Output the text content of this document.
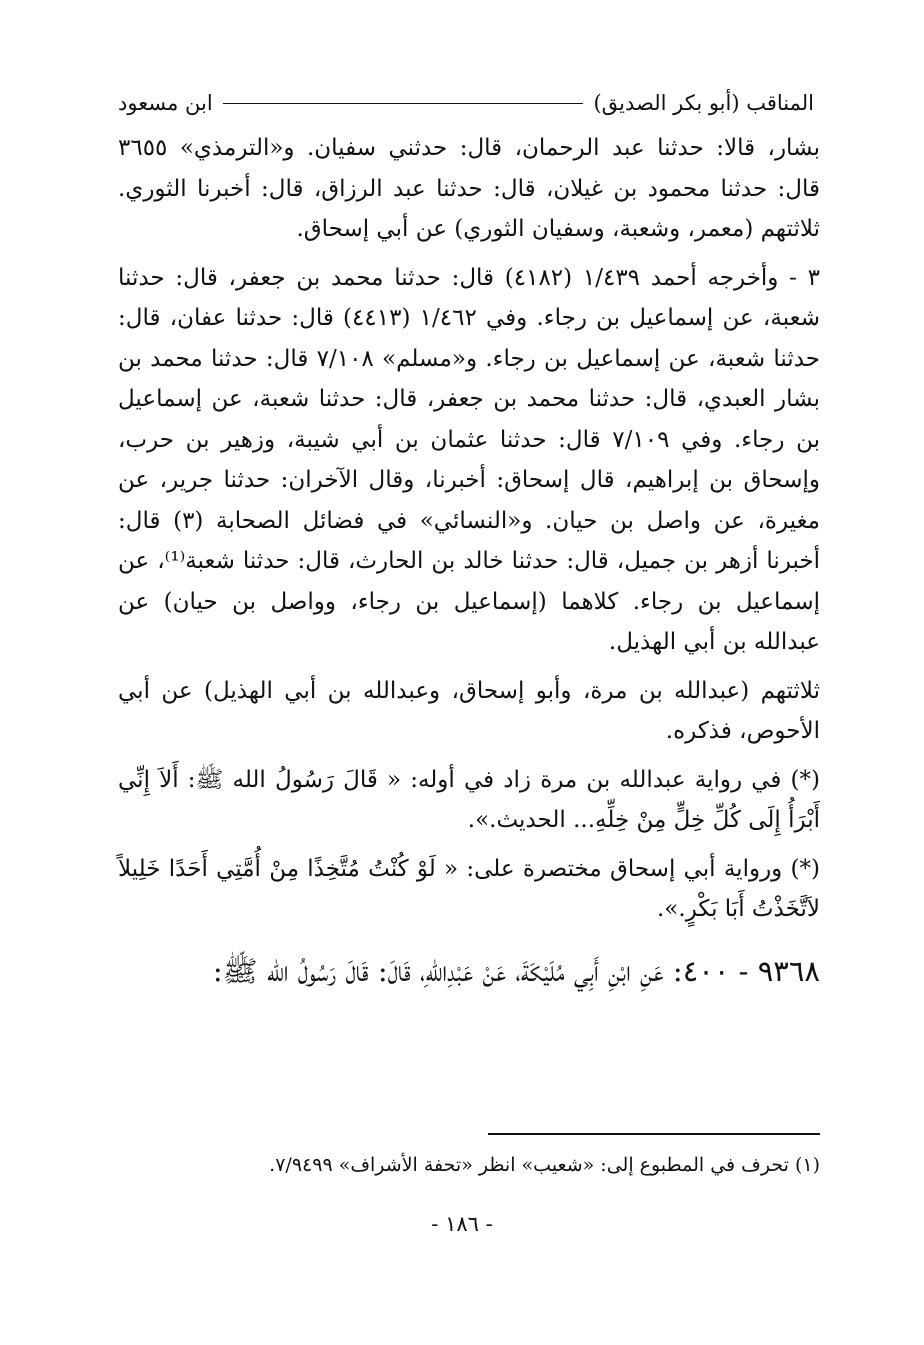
المناقب (أبو بكر الصديق)
ابن مسعود

بشار، قالا: حدثنا عبد الرحمان، قال: حدثني سفيان. و«الترمذي» ٣٦٥٥ قال: حدثنا محمود بن غيلان، قال: حدثنا عبد الرزاق، قال: أخبرنا الثوري. ثلاثتهم (معمر، وشعبة، وسفيان الثوري) عن أبي إسحاق.

٣ - وأخرجه أحمد ١/٤٣٩ (٤١٨٢) قال: حدثنا محمد بن جعفر، قال: حدثنا شعبة، عن إسماعيل بن رجاء. وفي ١/٤٦٢ (٤٤١٣) قال: حدثنا عفان، قال: حدثنا شعبة، عن إسماعيل بن رجاء. و«مسلم» ٧/١٠٨ قال: حدثنا محمد بن بشار العبدي، قال: حدثنا محمد بن جعفر، قال: حدثنا شعبة، عن إسماعيل بن رجاء. وفي ٧/١٠٩ قال: حدثنا عثمان بن أبي شيبة، وزهير بن حرب، وإسحاق بن إبراهيم، قال إسحاق: أخبرنا، وقال الآخران: حدثنا جرير، عن مغيرة، عن واصل بن حيان. و«النسائي» في فضائل الصحابة (٣) قال: أخبرنا أزهر بن جميل، قال: حدثنا خالد بن الحارث، قال: حدثنا شعبة⁽¹⁾، عن إسماعيل بن رجاء. كلاهما (إسماعيل بن رجاء، وواصل بن حيان) عن عبدالله بن أبي الهذيل.

ثلاثتهم (عبدالله بن مرة، وأبو إسحاق، وعبدالله بن أبي الهذيل) عن أبي الأحوص، فذكره.

(*) في رواية عبدالله بن مرة زاد في أوله: « قَالَ رَسُولُ الله ﷺ: أَلاَ إِنِّي أَبْرَأُ إِلَى كُلِّ خِلٍّ مِنْ خِلِّهِ... الحديث.».

(*) ورواية أبي إسحاق مختصرة على: « لَوْ كُنْتُ مُتَّخِذًا مِنْ أُمَّتِي أَحَدًا خَلِيلاً لاَتَّخَذْتُ أَبَا بَكْرٍ.».

٩٣٦٨ - ٤٠٠: عَنِ ابْنِ أَبِي مُلَيْكَةَ، عَنْ عَبْدِاللهِ، قَالَ: قَالَ رَسُولُ الله ﷺ:

(١) تحرف في المطبوع إلى: «شعيب» انظر «تحفة الأشراف» ٧/٩٤٩٩.
- ١٨٦ -
